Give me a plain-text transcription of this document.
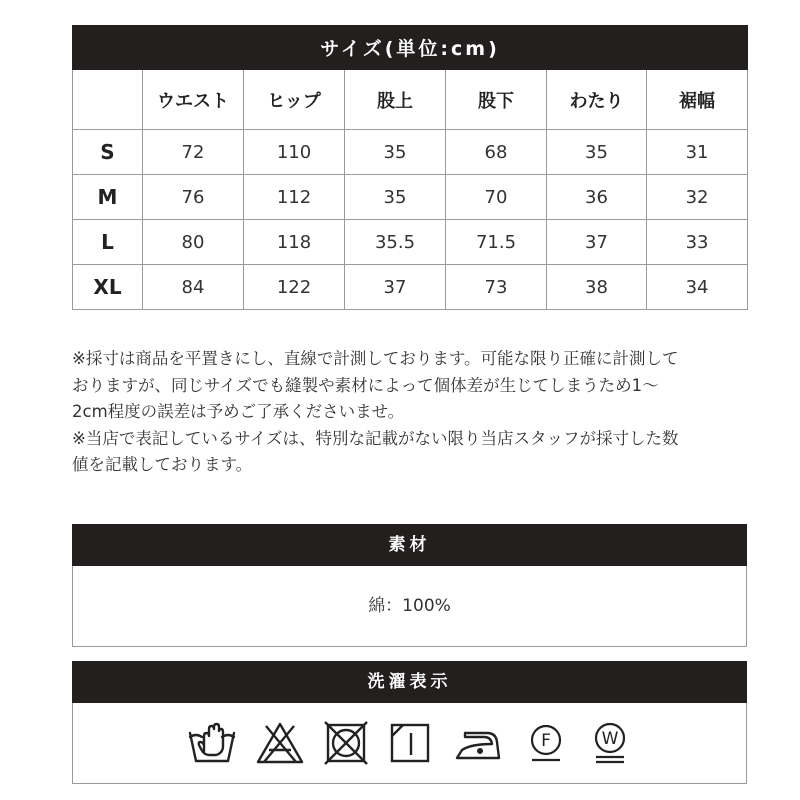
サイズ(単位:cm)						
	ウエスト	ヒップ	股上	股下	わたり	裾幅
S	72	110	35	68	35	31
M	76	112	35	70	36	32
L	80	118	35.5	71.5	37	33
XL	84	122	37	73	38	34

※採寸は商品を平置きにし、直線で計測しております。可能な限り正確に計測して

おりますが、同じサイズでも縫製や素材によって個体差が生じてしまうため1～

2cm程度の誤差は予めご了承くださいませ。

※当店で表記しているサイズは、特別な記載がない限り当店スタッフが採寸した数

値を記載しております。

素材
綿：100%
洗濯表示
F	W
